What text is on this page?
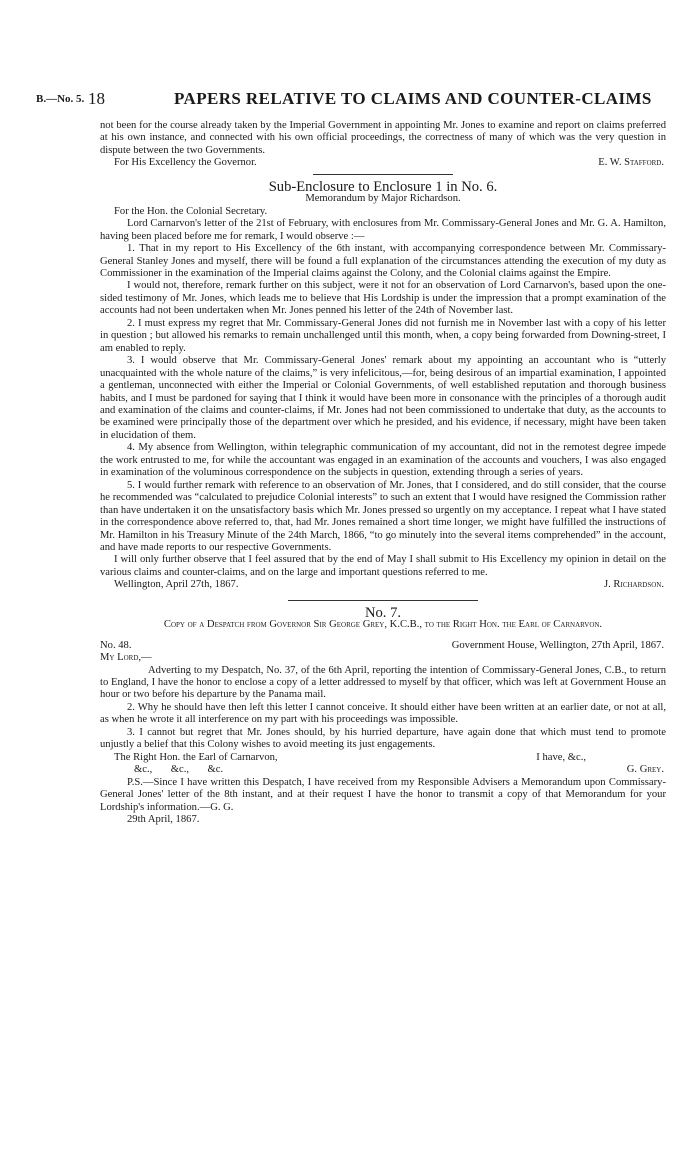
B.—No. 5. 18	PAPERS RELATIVE TO CLAIMS AND COUNTER-CLAIMS

not been for the course already taken by the Imperial Government in appointing Mr. Jones to examine and report on claims preferred at his own instance, and connected with his own official proceedings, the correctness of many of which was the very question in dispute between the two Governments.

For His Excellency the Governor.	E. W. Stafford.

Sub-Enclosure to Enclosure 1 in No. 6.

Memorandum by Major Richardson.

For the Hon. the Colonial Secretary.

Lord Carnarvon's letter of the 21st of February, with enclosures from Mr. Commissary-General Jones and Mr. G. A. Hamilton, having been placed before me for remark, I would observe :—

1. That in my report to His Excellency of the 6th instant, with accompanying correspondence between Mr. Commissary-General Stanley Jones and myself, there will be found a full explanation of the circumstances attending the execution of my duty as Commissioner in the examination of the Imperial claims against the Colony, and the Colonial claims against the Empire.

I would not, therefore, remark further on this subject, were it not for an observation of Lord Carnarvon's, based upon the one-sided testimony of Mr. Jones, which leads me to believe that His Lordship is under the impression that a prompt examination of the accounts had not been undertaken when Mr. Jones penned his letter of the 24th of November last.

2. I must express my regret that Mr. Commissary-General Jones did not furnish me in November last with a copy of his letter in question ; but allowed his remarks to remain unchallenged until this month, when, a copy being forwarded from Downing-street, I am enabled to reply.

3. I would observe that Mr. Commissary-General Jones' remark about my appointing an accountant who is “utterly unacquainted with the whole nature of the claims,” is very infelicitous,—for, being desirous of an impartial examination, I appointed a gentleman, unconnected with either the Imperial or Colonial Governments, of well established reputation and thorough business habits, and I must be pardoned for saying that I think it would have been more in consonance with the principles of a thorough audit and examination of the claims and counter-claims, if Mr. Jones had not been commissioned to undertake that duty, as the accounts to be examined were principally those of the department over which he presided, and his evidence, if necessary, might have been taken in elucidation of them.

4. My absence from Wellington, within telegraphic communication of my accountant, did not in the remotest degree impede the work entrusted to me, for while the accountant was engaged in an examination of the accounts and vouchers, I was also engaged in examination of the voluminous correspondence on the subjects in question, extending through a series of years.

5. I would further remark with reference to an observation of Mr. Jones, that I considered, and do still consider, that the course he recommended was “calculated to prejudice Colonial interests” to such an extent that I would have resigned the Commission rather than have undertaken it on the unsatisfactory basis which Mr. Jones pressed so urgently on my acceptance. I repeat what I have stated in the correspondence above referred to, that, had Mr. Jones remained a short time longer, we might have fulfilled the instructions of Mr. Hamilton in his Treasury Minute of the 24th March, 1866, “to go minutely into the several items comprehended” in the account, and have made reports to our respective Governments.

I will only further observe that I feel assured that by the end of May I shall submit to His Excellency my opinion in detail on the various claims and counter-claims, and on the large and important questions referred to me.

Wellington, April 27th, 1867.	J. Richardson.

No. 7.

Copy of a Despatch from Governor Sir George Grey, K.C.B., to the Right Hon. the Earl of Carnarvon.

No. 48.	Government House, Wellington, 27th April, 1867.

My Lord,—

Adverting to my Despatch, No. 37, of the 6th April, reporting the intention of Commissary-General Jones, C.B., to return to England, I have the honor to enclose a copy of a letter addressed to myself by that officer, which was left at Government House an hour or two before his departure by the Panama mail.

2. Why he should have then left this letter I cannot conceive. It should either have been written at an earlier date, or not at all, as when he wrote it all interference on my part with his proceedings was impossible.

3. I cannot but regret that Mr. Jones should, by his hurried departure, have again done that which must tend to promote unjustly a belief that this Colony wishes to avoid meeting its just engagements.

The Right Hon. the Earl of Carnarvon,	I have, &c.,
&c.,       &c.,       &c.	G. Grey.

P.S.—Since I have written this Despatch, I have received from my Responsible Advisers a Memorandum upon Commissary-General Jones' letter of the 8th instant, and at their request I have the honor to transmit a copy of that Memorandum for your Lordship's information.—G. G.

29th April, 1867.
